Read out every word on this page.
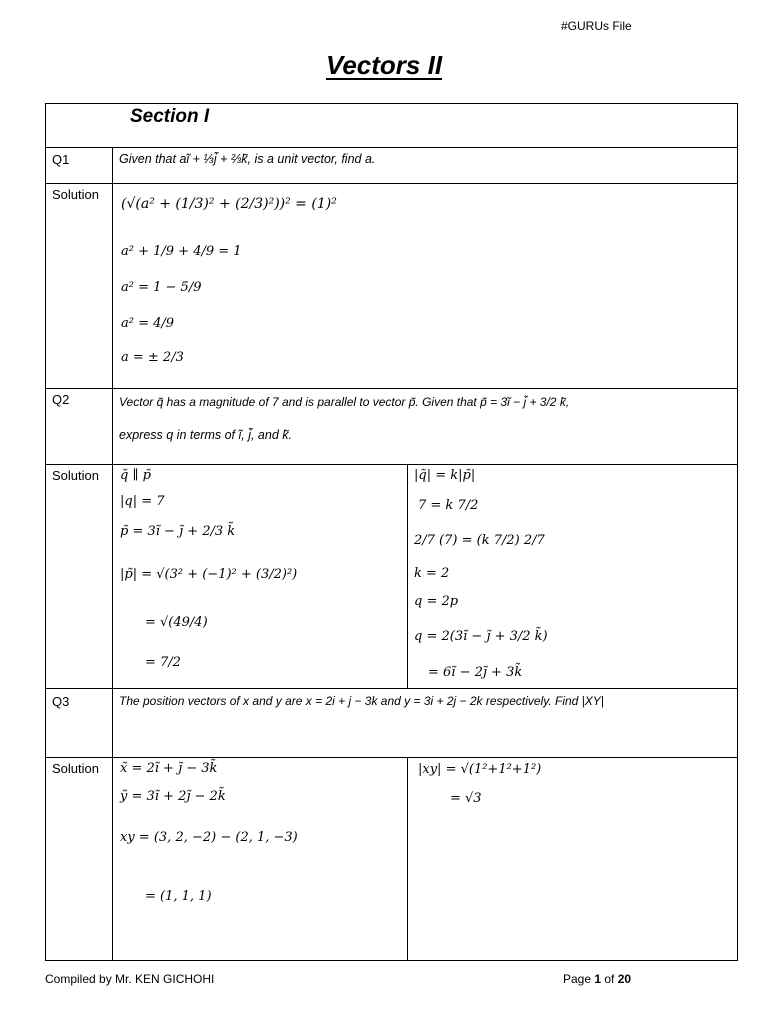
#GURUs File
Vectors II
Section I
Q1	Given that aĩ + ⅓j̃ + ⅔k̃, is a unit vector, find a.
Solution
(√(a² + (1/3)² + (2/3)²))² = (1)²
a² + 1/9 + 4/9 = 1
a² = 1 − 5/9
a² = 4/9
a = ± 2/3
Q2	Vector q̃ has a magnitude of 7 and is parallel to vector p̃. Given that p̃ = 3ĩ − j̃ + 3/2 k̃,
express q in terms of ĩ, j̃, and k̃.
Solution q̃ ∥ p̃
|q| = 7
p̃ = 3ĩ − j̃ + 2/3 k̃
|p̃| = √(3² + (−1)² + (3/2)²)
= √(49/4)
= 7/2
|q̃| = k|p̃|
7 = k 7/2
2/7 (7) = (k 7/2) 2/7
k = 2
q = 2p
q = 2(3ĩ − j̃ + 3/2 k̃)
= 6ĩ − 2j̃ + 3k̃
Q3	The position vectors of x and y are x = 2i + j − 3k and y = 3i + 2j − 2k respectively. Find |XY|
Solution x̃ = 2ĩ + j̃ − 3k̃
ỹ = 3ĩ + 2j̃ − 2k̃
xy = (3, 2, −2) − (2, 1, −3)
= (1, 1, 1)
|xy| = √(1²+1²+1²)
= √3
Compiled by Mr. KEN GICHOHI	Page 1 of 20
